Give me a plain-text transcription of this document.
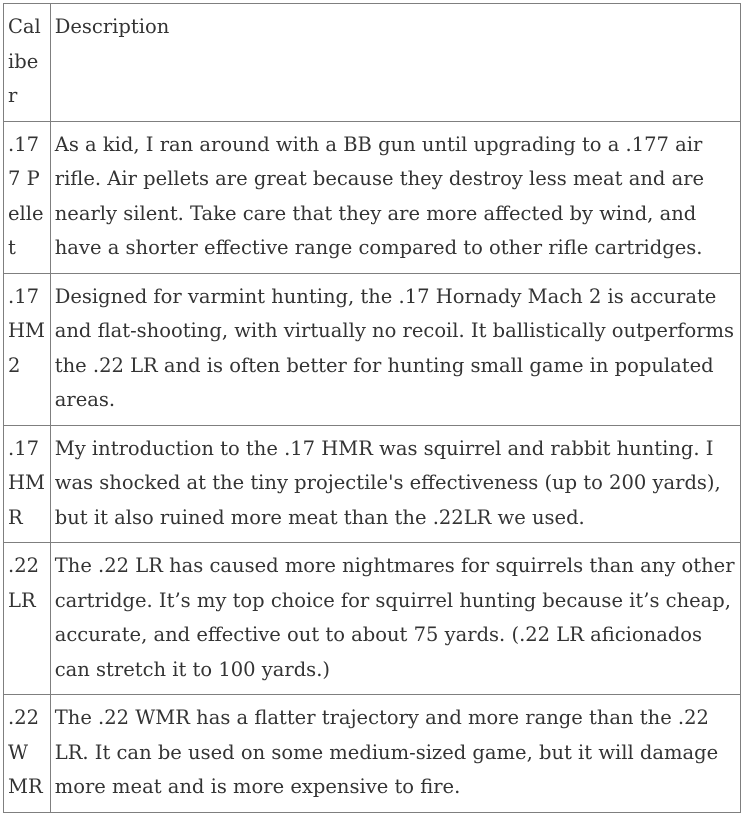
Caliber	Description

.177 Pellet	As a kid, I ran around with a BB gun until upgrading to a .177 air rifle. Air pellets are great because they destroy less meat and are nearly silent. Take care that they are more affected by wind, and have a shorter effective range compared to other rifle cartridges.

.17 HM2	Designed for varmint hunting, the .17 Hornady Mach 2 is accurate and flat-shooting, with virtually no recoil. It ballistically outperforms the .22 LR and is often better for hunting small game in populated areas.

.17 HMR	My introduction to the .17 HMR was squirrel and rabbit hunting. I was shocked at the tiny projectile's effectiveness (up to 200 yards), but it also ruined more meat than the .22LR we used.

.22 LR	The .22 LR has caused more nightmares for squirrels than any other cartridge. It’s my top choice for squirrel hunting because it’s cheap, accurate, and effective out to about 75 yards. (.22 LR aficionados can stretch it to 100 yards.)

.22 WMR	The .22 WMR has a flatter trajectory and more range than the .22 LR. It can be used on some medium-sized game, but it will damage more meat and is more expensive to fire.
